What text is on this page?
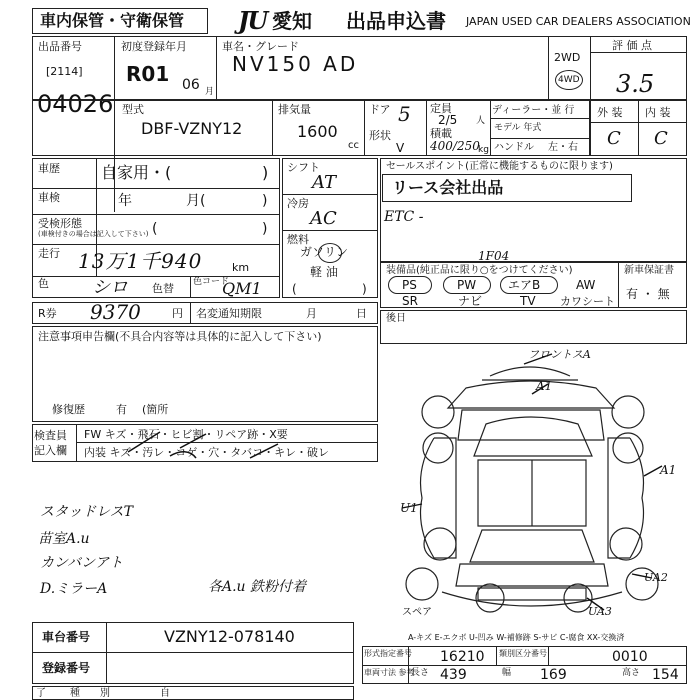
車内保管・守衛保管 JU 愛知 出品申込書 JAPAN USED CAR DEALERS ASSOCIATION
出品番号
[2114]
04026
初度登録年月
R01 06 月
車名・グレード
NV150 AD	2WD
4WD
評 価 点
3.5
外 装 内 装
C C
型式
DBF-VZNY12
排気量
1600
cc
ドア 5
形状
V
定員
2/5 人
積載
400/250
kg
ディーラー・並 行
モデル 年式
ハンドル 左・右
車歴	自家用・(	)
車検	年	月(	)
受検形態
(車検付きの場合は記入して下さい) (	)
走行 13万1千940	km
色 シロ 色替 色コード
QM1
シフト
AT
冷房
AC
燃料
ガソリン
軽 油
(	)
セールスポイント(正常に機能するものに限ります)
リース会社出品
ETC -
1F04
装備品(純正品に限り○をつけてください)	新車保証書
有 ・ 無
PS	PW	エアB	AW
SR	ナビ	TV カワシート
R券 9370	円 名変通知期限	月	日 後日
注意事項申告欄(不具合内容等は具体的に記入して下さい)
修復歴	有 (箇所
検査員
記入欄
FW キズ・飛石・ヒビ割・リペア跡・X要
内装 キズ・汚レ・コゲ・穴・タバコ・キレ・破レ
スタッドレスT
苗室A.u
カンバンアト
D.ミラーA	各A.u 鉄粉付着
フロントスA
A1
A1
U1
UA2
UA3
スペア
A-キズ E-エクボ U-凹み W-補修跡 S-サビ C-腐食 XX-交換済
車台番号	VZNY12-078140
登録番号
形式指定番号 16210 類別区分番号	0010
車両寸法 参考
長さ 439	幅 169	高さ 154
了 種 別	自
